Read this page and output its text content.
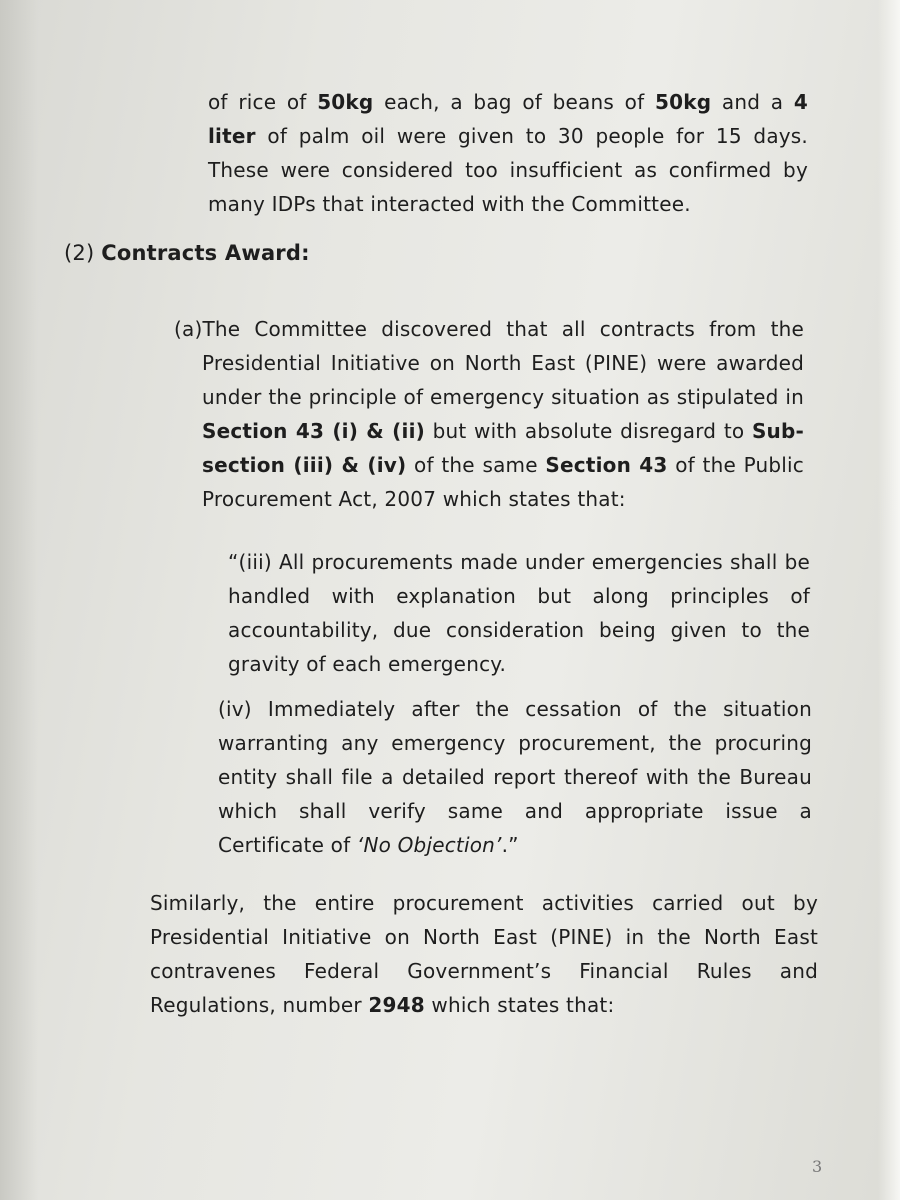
of rice of 50kg each, a bag of beans of 50kg and a 4 liter of palm oil were given to 30 people for 15 days. These were considered too insufficient as confirmed by many IDPs that interacted with the Committee.
(2) Contracts Award:
(a)The Committee discovered that all contracts from the Presidential Initiative on North East (PINE) were awarded under the principle of emergency situation as stipulated in Section 43 (i) & (ii) but with absolute disregard to Sub-section (iii) & (iv) of the same Section 43 of the Public Procurement Act, 2007 which states that:
“(iii) All procurements made under emergencies shall be handled with explanation but along principles of accountability, due consideration being given to the gravity of each emergency.
(iv) Immediately after the cessation of the situation warranting any emergency procurement, the procuring entity shall file a detailed report thereof with the Bureau which shall verify same and appropriate issue a Certificate of ‘No Objection’.”
Similarly, the entire procurement activities carried out by Presidential Initiative on North East (PINE) in the North East contravenes Federal Government’s Financial Rules and Regulations, number 2948 which states that:
3
